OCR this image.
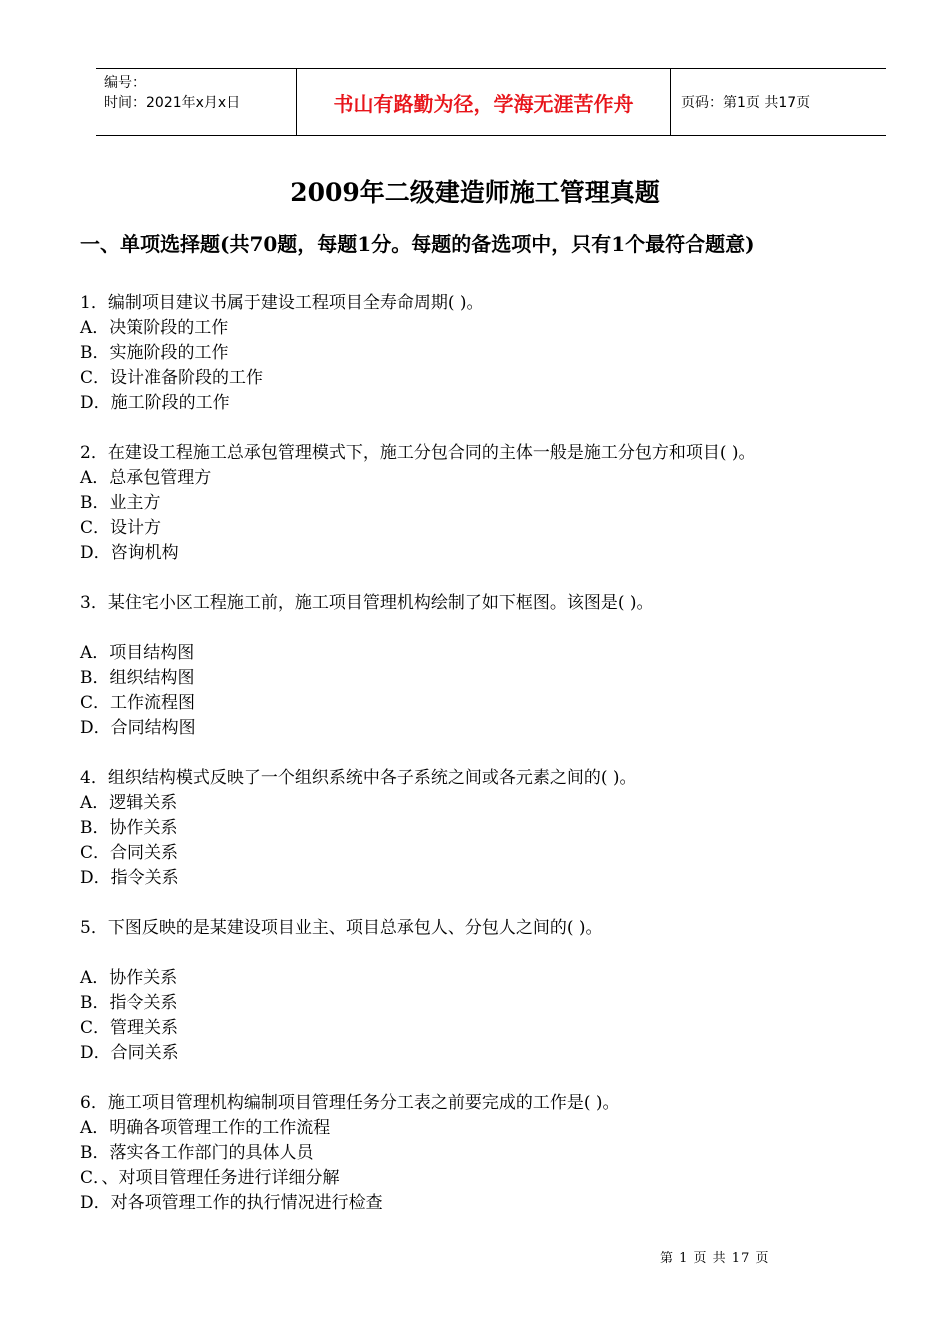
编号：
时间：2021年x月x日	书山有路勤为径，学海无涯苦作舟	页码：第1页 共17页
2009年二级建造师施工管理真题
一、单项选择题(共70题，每题1分。每题的备选项中，只有1个最符合题意)
1．编制项目建议书属于建设工程项目全寿命周期( )。
A．决策阶段的工作
B．实施阶段的工作
C．设计准备阶段的工作
D．施工阶段的工作
2．在建设工程施工总承包管理模式下，施工分包合同的主体一般是施工分包方和项目( )。
A．总承包管理方
B．业主方
C．设计方
D．咨询机构
3．某住宅小区工程施工前，施工项目管理机构绘制了如下框图。该图是( )。
A．项目结构图
B．组织结构图
C．工作流程图
D．合同结构图
4．组织结构模式反映了一个组织系统中各子系统之间或各元素之间的( )。
A．逻辑关系
B．协作关系
C．合同关系
D．指令关系
5．下图反映的是某建设项目业主、项目总承包人、分包人之间的( )。
A．协作关系
B．指令关系
C．管理关系
D．合同关系
6．施工项目管理机构编制项目管理任务分工表之前要完成的工作是( )。
A．明确各项管理工作的工作流程
B．落实各工作部门的具体人员
C．、对项目管理任务进行详细分解
D．对各项管理工作的执行情况进行检查
第 1 页 共 17 页
